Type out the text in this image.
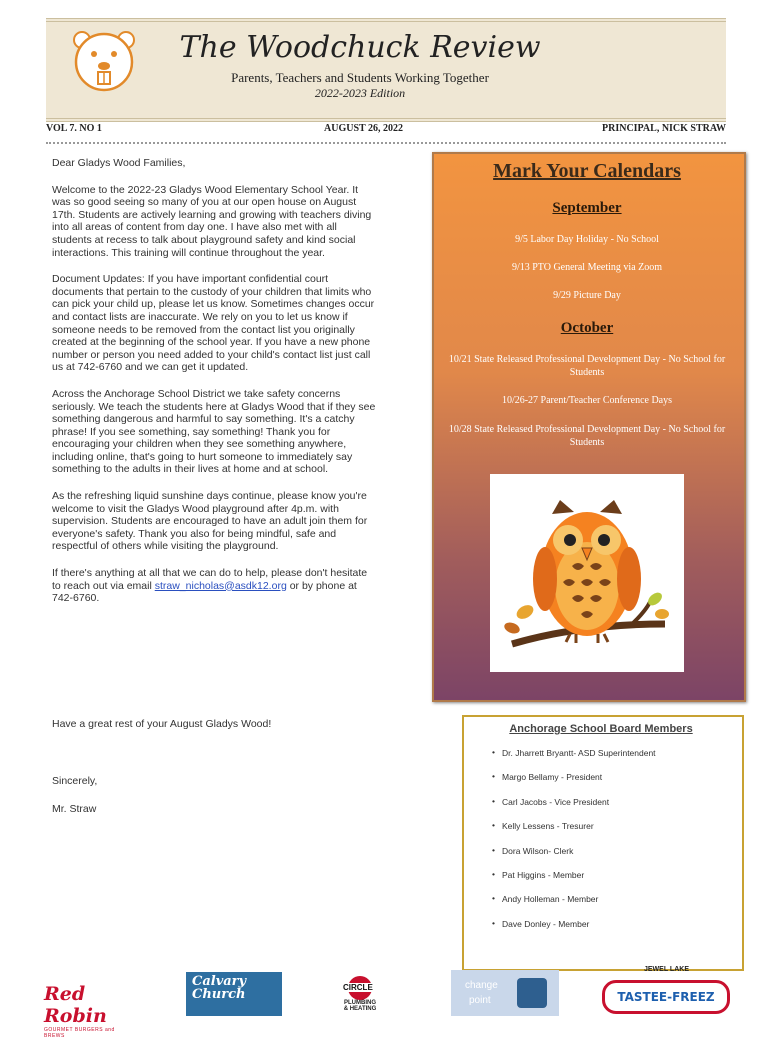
The Woodchuck Review
Parents, Teachers and Students Working Together
2022-2023 Edition
VOL 7. NO 1	AUGUST 26, 2022	PRINCIPAL, NICK STRAW

Dear Gladys Wood Families,

Welcome to the 2022-23 Gladys Wood Elementary School Year. It was so good seeing so many of you at our open house on August 17th. Students are actively learning and growing with teachers diving into all areas of content from day one. I have also met with all students at recess to talk about playground safety and kind social interactions. This training will continue throughout the year.

Document Updates: If you have important confidential court documents that pertain to the custody of your children that limits who can pick your child up, please let us know. Sometimes changes occur and contact lists are inaccurate. We rely on you to let us know if someone needs to be removed from the contact list you originally created at the beginning of the school year. If you have a new phone number or person you need added to your child's contact list just call us at 742-6760 and we can get it updated.

Across the Anchorage School District we take safety concerns seriously. We teach the students here at Gladys Wood that if they see something dangerous and harmful to say something. It's a catchy phrase! If you see something, say something! Thank you for encouraging your children when they see something anywhere, including online, that's going to hurt someone to immediately say something to the adults in their lives at home and at school.

As the refreshing liquid sunshine days continue, please know you're welcome to visit the Gladys Wood playground after 4p.m. with supervision. Students are encouraged to have an adult join them for everyone's safety. Thank you also for being mindful, safe and respectful of others while visiting the playground.

If there's anything at all that we can do to help, please don't hesitate to reach out via email straw_nicholas@asdk12.org or by phone at 742-6760.

Have a great rest of your August Gladys Wood!
Sincerely,
Mr. Straw
Mark Your Calendars
September
9/5 Labor Day Holiday - No School
9/13 PTO General Meeting via Zoom
9/29 Picture Day
October
10/21 State Released Professional Development Day - No School for Students
10/26-27 Parent/Teacher Conference Days
10/28 State Released Professional Development Day - No School for Students
Anchorage School Board Members
• Dr. Jharrett Bryantt- ASD Superintendent
• Margo Bellamy - President
• Carl Jacobs - Vice President
• Kelly Lessens - Tresurer
• Dora Wilson- Clerk
• Pat Higgins - Member
• Andy Holleman - Member
• Dave Donley - Member
Red Robin
GOURMET BURGERS and BREWS
Calvary
Church	CIRCLE
PLUMBING
& HEATING
change
point
JEWEL LAKE
TASTEE-FREEZ
